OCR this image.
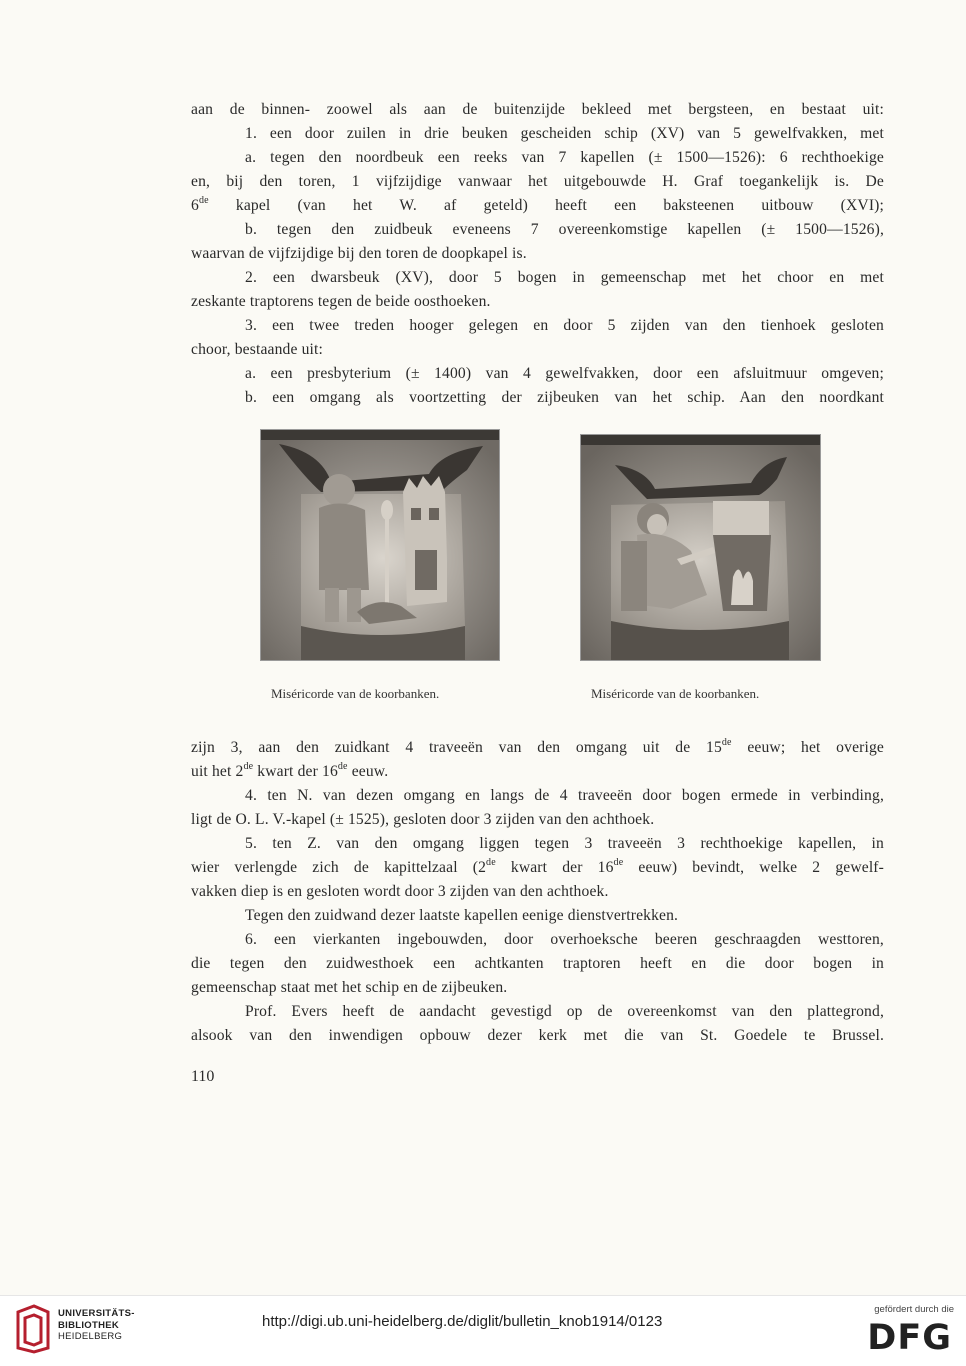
aan de binnen- zoowel als aan de buitenzijde bekleed met bergsteen, en bestaat uit:
1. een door zuilen in drie beuken gescheiden schip (XV) van 5 gewelfvakken, met
a. tegen den noordbeuk een reeks van 7 kapellen (± 1500—1526): 6 rechthoekige
en, bij den toren, 1 vijfzijdige vanwaar het uitgebouwde H. Graf toegankelijk is. De
6de kapel (van het W. af geteld) heeft een baksteenen uitbouw (XVI);
b. tegen den zuidbeuk eveneens 7 overeenkomstige kapellen (± 1500—1526),
waarvan de vijfzijdige bij den toren de doopkapel is.
2. een dwarsbeuk (XV), door 5 bogen in gemeenschap met het choor en met
zeskante traptorens tegen de beide oosthoeken.
3. een twee treden hooger gelegen en door 5 zijden van den tienhoek gesloten
choor, bestaande uit:
a. een presbyterium (± 1400) van 4 gewelfvakken, door een afsluitmuur omgeven;
b. een omgang als voortzetting der zijbeuken van het schip. Aan den noordkant
Miséricorde van de koorbanken.	Miséricorde van de koorbanken.
zijn 3, aan den zuidkant 4 traveeën van den omgang uit de 15de eeuw; het overige
uit het 2de kwart der 16de eeuw.
4. ten N. van dezen omgang en langs de 4 traveeën door bogen ermede in verbinding,
ligt de O. L. V.-kapel (± 1525), gesloten door 3 zijden van den achthoek.
5. ten Z. van den omgang liggen tegen 3 traveeën 3 rechthoekige kapellen, in
wier verlengde zich de kapittelzaal (2de kwart der 16de eeuw) bevindt, welke 2 gewelf-
vakken diep is en gesloten wordt door 3 zijden van den achthoek.
Tegen den zuidwand dezer laatste kapellen eenige dienstvertrekken.
6. een vierkanten ingebouwden, door overhoeksche beeren geschraagden westtoren,
die tegen den zuidwesthoek een achtkanten traptoren heeft en die door bogen in
gemeenschap staat met het schip en de zijbeuken.
Prof. Evers heeft de aandacht gevestigd op de overeenkomst van den plattegrond,
alsook van den inwendigen opbouw dezer kerk met die van St. Goedele te Brussel.
110
UNIVERSITÄTS-
BIBLIOTHEK
HEIDELBERG
http://digi.ub.uni-heidelberg.de/diglit/bulletin_knob1914/0123
gefördert durch die
DFG
